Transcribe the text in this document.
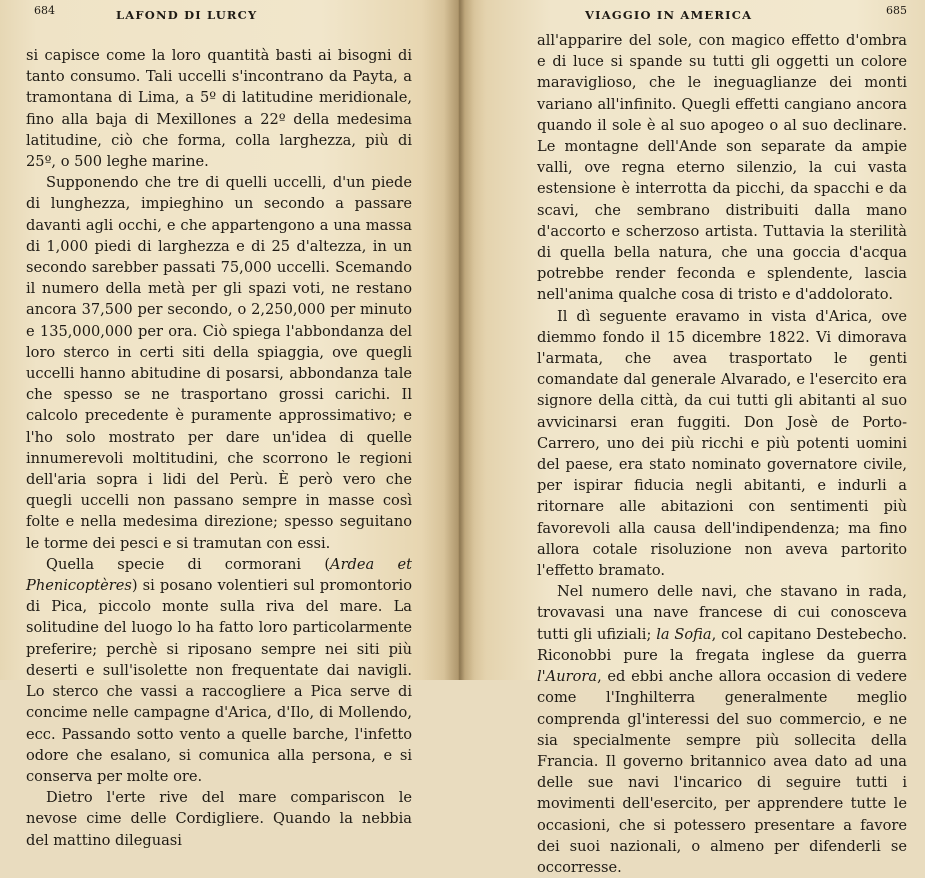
684	LAFOND DI LURCY

si capisce come la loro quantità basti ai bisogni di tanto consumo. Tali uccelli s'incontrano da Payta, a tramontana di Lima, a 5º di latitudine meridionale, fino alla baja di Mexillones a 22º della medesima latitudine, ciò che forma, colla larghezza, più di 25º, o 500 leghe marine.

Supponendo che tre di quelli uccelli, d'un piede di lunghezza, impieghino un secondo a passare davanti agli occhi, e che appartengono a una massa di 1,000 piedi di larghezza e di 25 d'altezza, in un secondo sarebber passati 75,000 uccelli. Scemando il numero della metà per gli spazi voti, ne restano ancora 37,500 per secondo, o 2,250,000 per minuto e 135,000,000 per ora. Ciò spiega l'abbondanza del loro sterco in certi siti della spiaggia, ove quegli uccelli hanno abitudine di posarsi, abbondanza tale che spesso se ne trasportano grossi carichi. Il calcolo precedente è puramente approssimativo; e l'ho solo mostrato per dare un'idea di quelle innumerevoli moltitudini, che scorrono le regioni dell'aria sopra i lidi del Perù. È però vero che quegli uccelli non passano sempre in masse così folte e nella medesima direzione; spesso seguitano le torme dei pesci e si tramutan con essi.

Quella specie di cormorani (Ardea et Phenicoptères) si posano volentieri sul promontorio di Pica, piccolo monte sulla riva del mare. La solitudine del luogo lo ha fatto loro particolarmente preferire; perchè si riposano sempre nei siti più deserti e sull'isolette non frequentate dai navigli. Lo sterco che vassi a raccogliere a Pica serve di concime nelle campagne d'Arica, d'Ilo, di Mollendo, ecc. Passando sotto vento a quelle barche, l'infetto odore che esalano, si comunica alla persona, e si conserva per molte ore.

Dietro l'erte rive del mare compariscon le nevose cime delle Cordigliere. Quando la nebbia del mattino dileguasi

VIAGGIO IN AMERICA	685

all'apparire del sole, con magico effetto d'ombra e di luce si spande su tutti gli oggetti un colore maraviglioso, che le ineguaglianze dei monti variano all'infinito. Quegli effetti cangiano ancora quando il sole è al suo apogeo o al suo declinare. Le montagne dell'Ande son separate da ampie valli, ove regna eterno silenzio, la cui vasta estensione è interrotta da picchi, da spacchi e da scavi, che sembrano distribuiti dalla mano d'accorto e scherzoso artista. Tuttavia la sterilità di quella bella natura, che una goccia d'acqua potrebbe render feconda e splendente, lascia nell'anima qualche cosa di tristo e d'addolorato.

Il dì seguente eravamo in vista d'Arica, ove diemmo fondo il 15 dicembre 1822. Vi dimorava l'armata, che avea trasportato le genti comandate dal generale Alvarado, e l'esercito era signore della città, da cui tutti gli abitanti al suo avvicinarsi eran fuggiti. Don Josè de Porto-Carrero, uno dei più ricchi e più potenti uomini del paese, era stato nominato governatore civile, per ispirar fiducia negli abitanti, e indurli a ritornare alle abitazioni con sentimenti più favorevoli alla causa dell'indipendenza; ma fino allora cotale risoluzione non aveva partorito l'effetto bramato.

Nel numero delle navi, che stavano in rada, trovavasi una nave francese di cui conoscevа tutti gli ufiziali; la Sofia, col capitano Destebecho. Riconobbi pure la fregata inglese da guerra l'Aurora, ed ebbi anche allora occasion di vedere come l'Inghilterra generalmente meglio comprenda gl'interessi del suo commercio, e ne sia specialmente sempre più sollecita della Francia. Il governo britannico avea dato ad una delle sue navi l'incarico di seguire tutti i movimenti dell'esercito, per apprendere tutte le occasioni, che si potessero presentare a favore dei suoi nazionali, o almeno per difenderli se occorresse.
